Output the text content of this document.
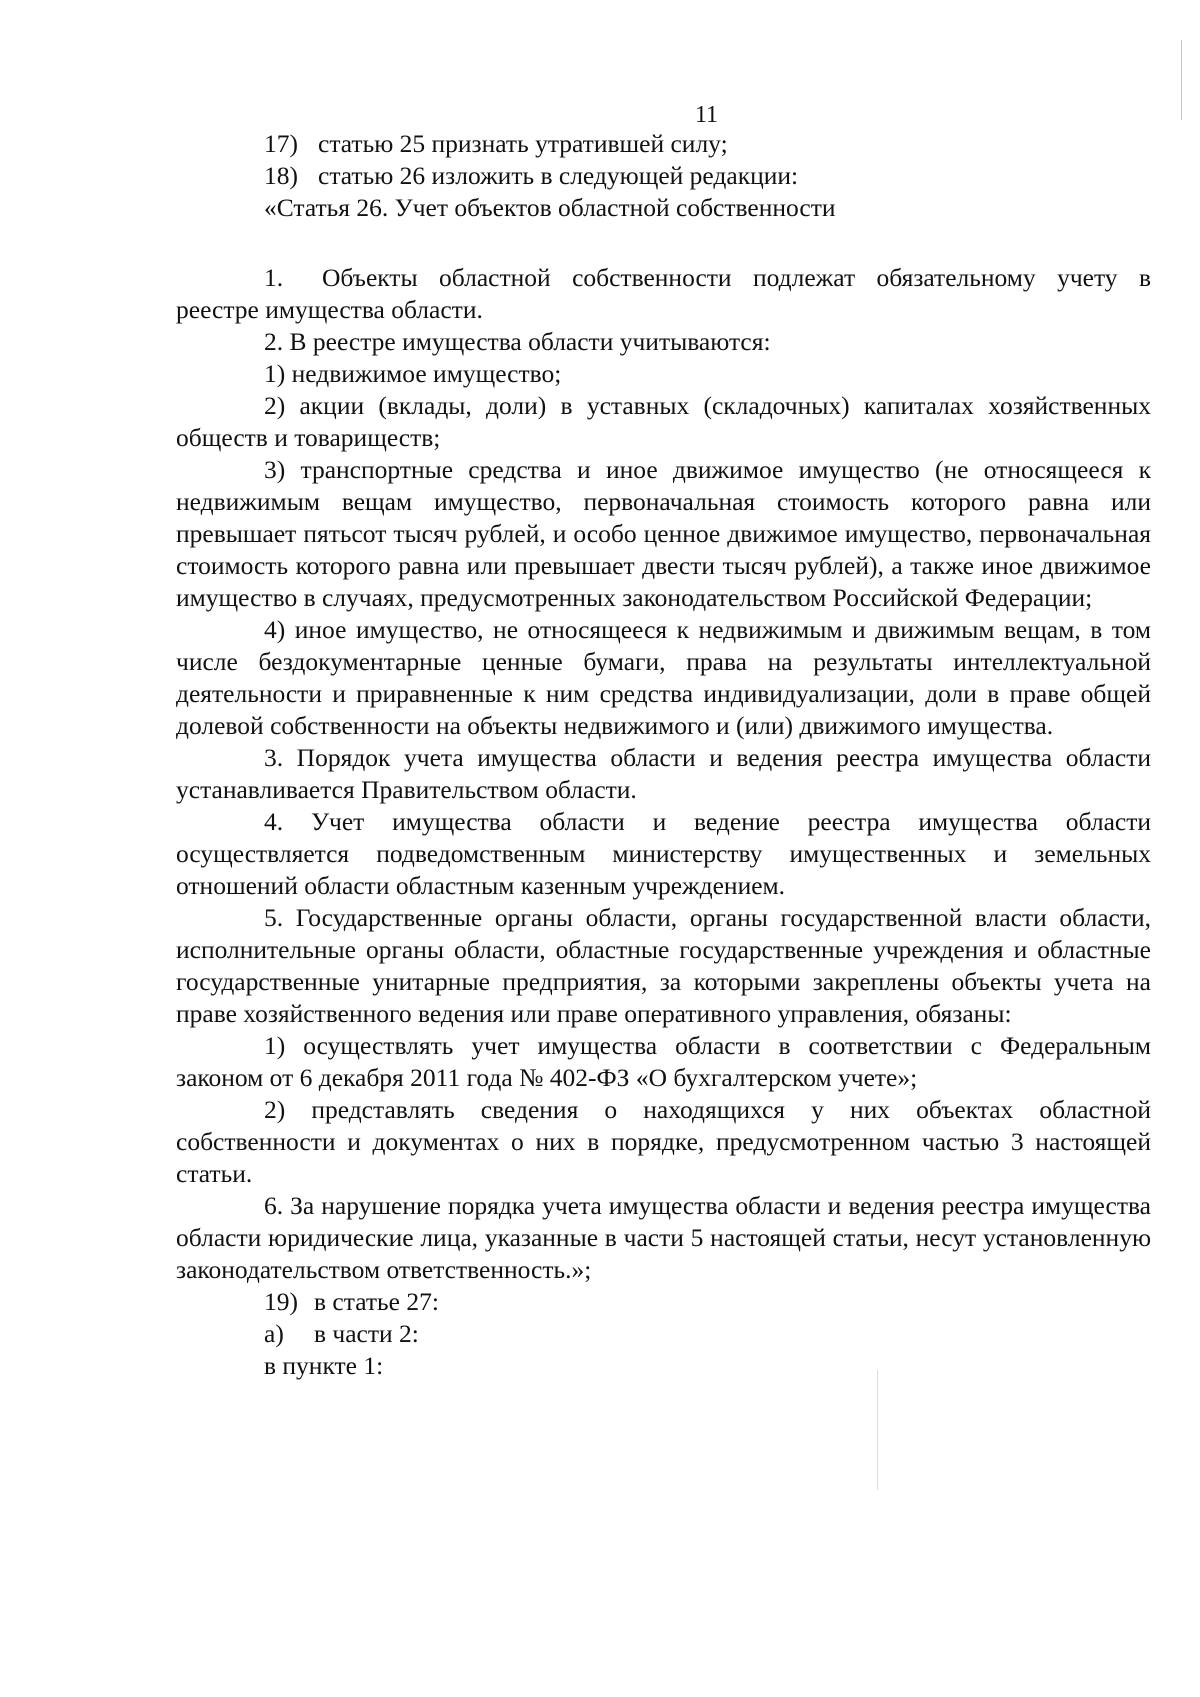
11
17) статью 25 признать утратившей силу;
18) статью 26 изложить в следующей редакции:

«Статья 26. Учет объектов областной собственности

1. Объекты областной собственности подлежат обязательному учету в

реестре имущества области.

2. В реестре имущества области учитываются:

1) недвижимое имущество;

2) акции (вклады, доли) в уставных (складочных) капиталах хозяйственных обществ и товариществ;

3) транспортные средства и иное движимое имущество (не относящееся к недвижимым вещам имущество, первоначальная стоимость которого равна или превышает пятьсот тысяч рублей, и особо ценное движимое имущество, первоначальная стоимость которого равна или превышает двести тысяч рублей), а также иное движимое имущество в случаях, предусмотренных законодательством Российской Федерации;

4) иное имущество, не относящееся к недвижимым и движимым вещам, в том числе бездокументарные ценные бумаги, права на результаты интеллектуальной деятельности и приравненные к ним средства индивидуализации, доли в праве общей долевой собственности на объекты недвижимого и (или) движимого имущества.

3. Порядок учета имущества области и ведения реестра имущества области устанавливается Правительством области.

4. Учет имущества области и ведение реестра имущества области осуществляется подведомственным министерству имущественных и земельных отношений области областным казенным учреждением.

5. Государственные органы области, органы государственной власти области, исполнительные органы области, областные государственные учреждения и областные государственные унитарные предприятия, за которыми закреплены объекты учета на праве хозяйственного ведения или праве оперативного управления, обязаны:

1) осуществлять учет имущества области в соответствии с Федеральным законом от 6 декабря 2011 года № 402-ФЗ «О бухгалтерском учете»;

2) представлять сведения о находящихся у них объектах областной собственности и документах о них в порядке, предусмотренном частью 3 настоящей статьи.

6. За нарушение порядка учета имущества области и ведения реестра имущества области юридические лица, указанные в части 5 настоящей статьи, несут установленную законодательством ответственность.»;

19) в статье 27:
а)	в части 2:

в пункте 1:
